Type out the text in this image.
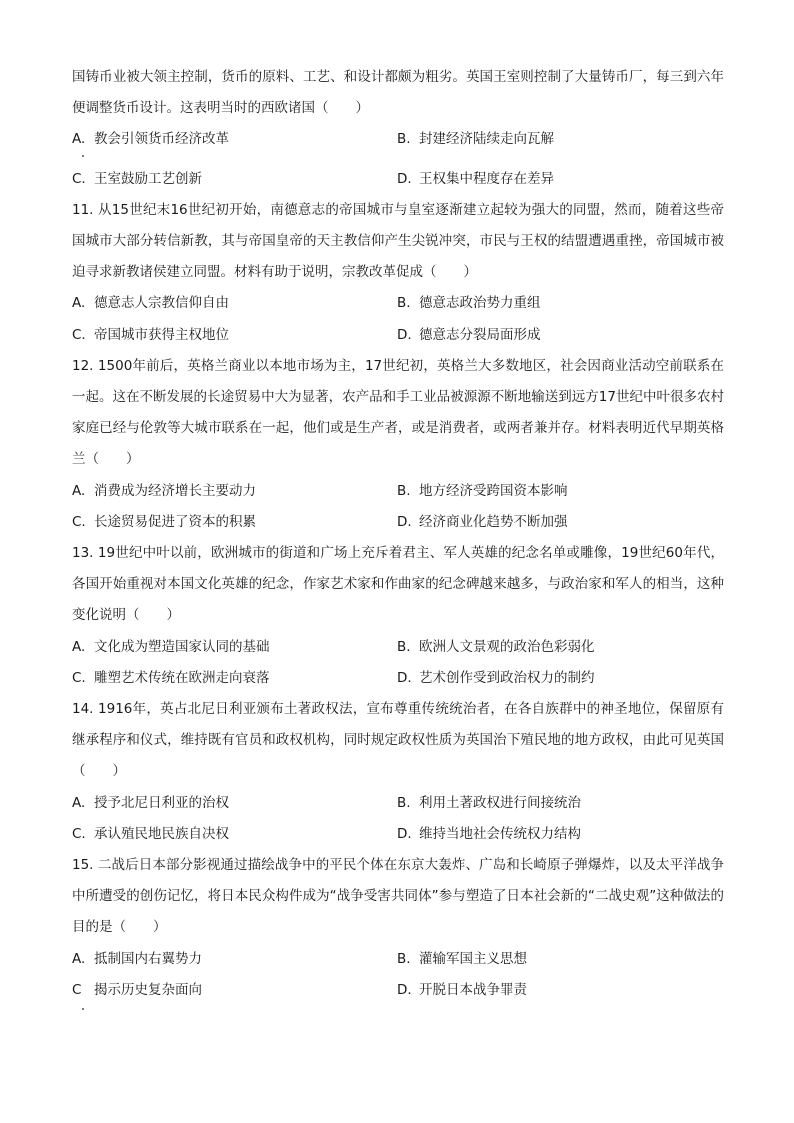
国铸币业被大领主控制，货币的原料、工艺、和设计都颇为粗劣。英国王室则控制了大量铸币厂，每三到六年便调整货币设计。这表明当时的西欧诸国（　　）

A. 教会引领货币经济改革	B. 封建经济陆续走向瓦解
C. 王室鼓励工艺创新	D. 王权集中程度存在差异

11. 从15世纪末16世纪初开始，南德意志的帝国城市与皇室逐渐建立起较为强大的同盟，然而，随着这些帝国城市大部分转信新教，其与帝国皇帝的天主教信仰产生尖锐冲突，市民与王权的结盟遭遇重挫，帝国城市被迫寻求新教诸侯建立同盟。材料有助于说明，宗教改革促成（　　）

A. 德意志人宗教信仰自由	B. 德意志政治势力重组
C. 帝国城市获得主权地位	D. 德意志分裂局面形成

12. 1500年前后，英格兰商业以本地市场为主，17世纪初，英格兰大多数地区，社会因商业活动空前联系在一起。这在不断发展的长途贸易中大为显著，农产品和手工业品被源源不断地输送到远方17世纪中叶很多农村家庭已经与伦敦等大城市联系在一起，他们或是生产者，或是消费者，或两者兼并存。材料表明近代早期英格兰（　　）

A. 消费成为经济增长主要动力	B. 地方经济受跨国资本影响
C. 长途贸易促进了资本的积累	D. 经济商业化趋势不断加强

13. 19世纪中叶以前，欧洲城市的街道和广场上充斥着君主、军人英雄的纪念名单或雕像，19世纪60年代，各国开始重视对本国文化英雄的纪念，作家艺术家和作曲家的纪念碑越来越多，与政治家和军人的相当，这种变化说明（　　）

A. 文化成为塑造国家认同的基础	B. 欧洲人文景观的政治色彩弱化
C. 雕塑艺术传统在欧洲走向衰落	D. 艺术创作受到政治权力的制约

14. 1916年，英占北尼日利亚颁布土著政权法，宣布尊重传统统治者，在各自族群中的神圣地位，保留原有继承程序和仪式，维持既有官员和政权机构，同时规定政权性质为英国治下殖民地的地方政权，由此可见英国（　　）

A. 授予北尼日利亚的治权	B. 利用土著政权进行间接统治
C. 承认殖民地民族自决权	D. 维持当地社会传统权力结构

15. 二战后日本部分影视通过描绘战争中的平民个体在东京大轰炸、广岛和长崎原子弹爆炸，以及太平洋战争中所遭受的创伤记忆，将日本民众构件成为“战争受害共同体”参与塑造了日本社会新的“二战史观”这种做法的目的是（　　）

A. 抵制国内右翼势力	B. 灌输军国主义思想
C 揭示历史复杂面向	D. 开脱日本战争罪责
